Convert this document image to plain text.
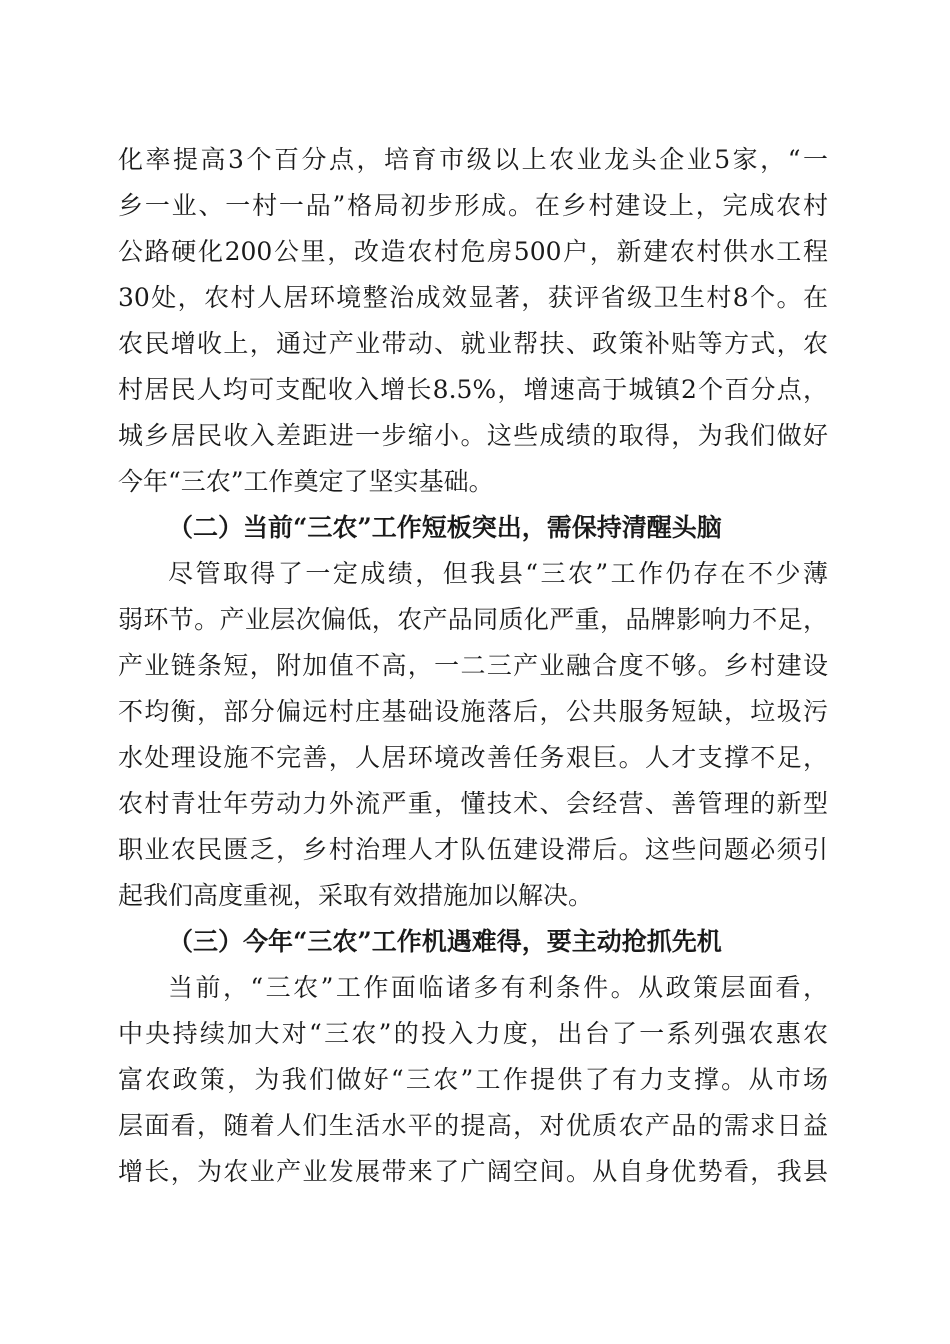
化率提高3个百分点，培育市级以上农业龙头企业5家，“一
乡一业、一村一品”格局初步形成。在乡村建设上，完成农村
公路硬化200公里，改造农村危房500户，新建农村供水工程
30处，农村人居环境整治成效显著，获评省级卫生村8个。在
农民增收上，通过产业带动、就业帮扶、政策补贴等方式，农
村居民人均可支配收入增长8.5%，增速高于城镇2个百分点，
城乡居民收入差距进一步缩小。这些成绩的取得，为我们做好
今年“三农”工作奠定了坚实基础。
（二）当前“三农”工作短板突出，需保持清醒头脑
尽管取得了一定成绩，但我县“三农”工作仍存在不少薄
弱环节。产业层次偏低，农产品同质化严重，品牌影响力不足，
产业链条短，附加值不高，一二三产业融合度不够。乡村建设
不均衡，部分偏远村庄基础设施落后，公共服务短缺，垃圾污
水处理设施不完善，人居环境改善任务艰巨。人才支撑不足，
农村青壮年劳动力外流严重，懂技术、会经营、善管理的新型
职业农民匮乏，乡村治理人才队伍建设滞后。这些问题必须引
起我们高度重视，采取有效措施加以解决。
（三）今年“三农”工作机遇难得，要主动抢抓先机
当前，“三农”工作面临诸多有利条件。从政策层面看，
中央持续加大对“三农”的投入力度，出台了一系列强农惠农
富农政策，为我们做好“三农”工作提供了有力支撑。从市场
层面看，随着人们生活水平的提高，对优质农产品的需求日益
增长，为农业产业发展带来了广阔空间。从自身优势看，我县
